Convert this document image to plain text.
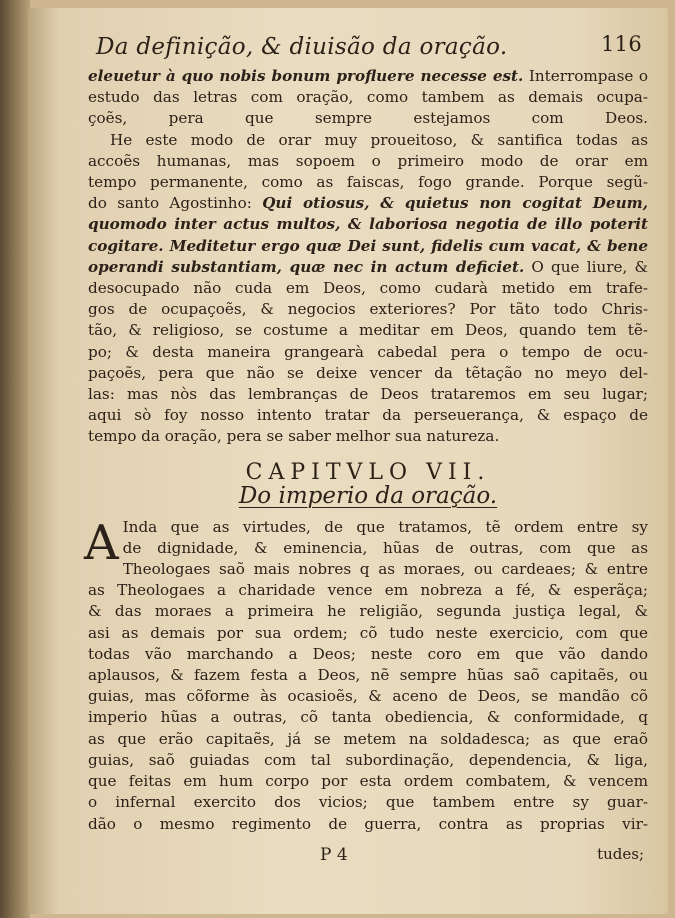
Da definição, & diuisão da oração.	116
eleuetur à quo nobis bonum profluere necesse est. Interrompase o
estudo das letras com oração, como tambem as demais ocupa-
çoẽs, pera que sempre estejamos com Deos.
He este modo de orar muy proueitoso, & santifica todas as
accoẽs humanas, mas sopoem o primeiro modo de orar em
tempo permanente, como as faiscas, fogo grande. Porque segũ-
do santo Agostinho: Qui otiosus, & quietus non cogitat Deum,
quomodo inter actus multos, & laboriosa negotia de illo poterit
cogitare. Meditetur ergo quæ Dei sunt, fidelis cum vacat, & bene
operandi substantiam, quæ nec in actum deficiet. O que liure, &
desocupado não cuda em Deos, como cudarà metido em trafe-
gos de ocupaçoẽs, & negocios exteriores? Por tãto todo Chris-
tão, & religioso, se costume a meditar em Deos, quando tem tẽ-
po; & desta maneira grangearà cabedal pera o tempo de ocu-
paçoẽs, pera que não se deixe vencer da tẽtação no meyo del-
las: mas nòs das lembranças de Deos trataremos em seu lugar;
aqui sò foy nosso intento tratar da perseuerança, & espaço de
tempo da oração, pera se saber melhor sua natureza.
CAPITVLO VII.
Do imperio da oração.
A Inda que as virtudes, de que tratamos, tẽ ordem entre sy
de dignidade, & eminencia, hũas de outras, com que as
Theologaes saõ mais nobres q as moraes, ou cardeaes; & entre
as Theologaes a charidade vence em nobreza a fé, & esperãça;
& das moraes a primeira he religião, segunda justiça legal, &
asi as demais por sua ordem; cõ tudo neste exercicio, com que
todas vão marchando a Deos; neste coro em que vão dando
aplausos, & fazem festa a Deos, nẽ sempre hũas saõ capitaẽs, ou
guias, mas cõforme às ocasioẽs, & aceno de Deos, se mandão cõ
imperio hũas a outras, cõ tanta obediencia, & conformidade, q
as que erão capitaẽs, já se metem na soldadesca; as que eraõ
guias, saõ guiadas com tal subordinação, dependencia, & liga,
que feitas em hum corpo por esta ordem combatem, & vencem
o infernal exercito dos vicios; que tambem entre sy guar-
dão o mesmo regimento de guerra, contra as proprias vir-
P 4	tudes;
